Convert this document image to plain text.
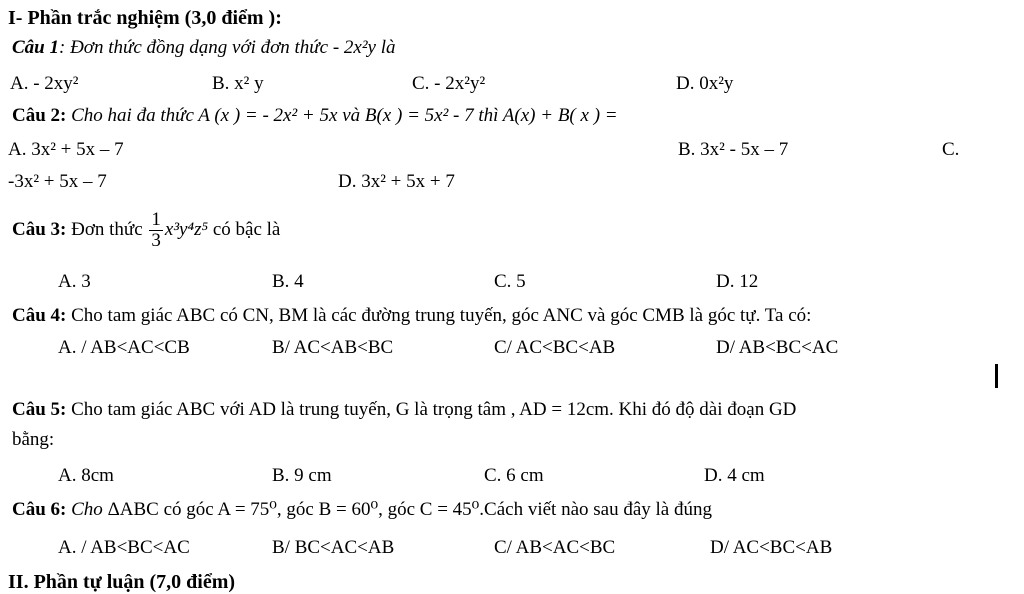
I- Phần trắc nghiệm (3,0 điểm ):
Câu 1: Đơn thức đồng dạng với đơn thức - 2x²y là
A. - 2xy²	B. x² y	C. - 2x²y²	D. 0x²y
Câu 2: Cho hai đa thức A (x ) = - 2x² + 5x và B(x ) = 5x² - 7 thì A(x) + B( x ) =
A. 3x² + 5x – 7	B. 3x² - 5x – 7	C.
-3x² + 5x – 7	D. 3x² + 5x + 7
Câu 3: Đơn thức $\frac{1}{3} x^3y^4z^5$ có bậc là
A. 3	B. 4	C. 5	D. 12
Câu 4: Cho tam giác ABC có CN, BM là các đường trung tuyến, góc ANC và góc CMB là góc tự. Ta có:
A. / AB<AC<CB	B/ AC<AB<BC	C/ AC<BC<AB	D/ AB<BC<AC
Câu 5: Cho tam giác ABC với AD là trung tuyến, G là trọng tâm , AD = 12cm. Khi đó độ dài đoạn GD
bằng:
A. 8cm	B. 9 cm	C. 6 cm	D. 4 cm
Câu 6: Cho ΔABC có góc A = 75⁰, góc B = 60⁰, góc C = 45⁰.Cách viết nào sau đây là đúng
A. / AB<BC<AC	B/ BC<AC<AB	C/ AB<AC<BC	D/ AC<BC<AB
II. Phần tự luận (7,0 điểm)
